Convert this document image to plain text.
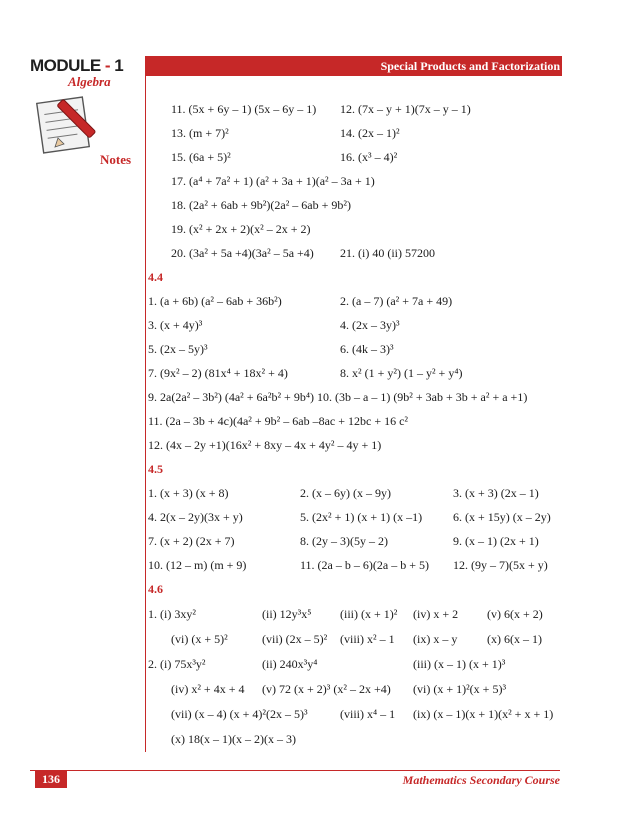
MODULE - 1
Algebra
Notes
Special Products and Factorization
11. (5x + 6y – 1) (5x – 6y – 1) 12. (7x – y + 1)(7x – y – 1)
13. (m + 7)²	14. (2x – 1)²
15. (6a + 5)²	16. (x³ – 4)²
17. (a⁴ + 7a² + 1) (a² + 3a + 1)(a² – 3a + 1)
18. (2a² + 6ab + 9b²)(2a² – 6ab + 9b²)
19. (x² + 2x + 2)(x² – 2x + 2)
20. (3a² + 5a +4)(3a² – 5a +4) 21. (i) 40 (ii) 57200
4.4
1. (a + 6b) (a² – 6ab + 36b²)	2. (a – 7) (a² + 7a + 49)
3. (x + 4y)³	4. (2x – 3y)³
5. (2x – 5y)³	6. (4k – 3)³
7. (9x² – 2) (81x⁴ + 18x² + 4)	8. x² (1 + y²) (1 – y² + y⁴)
9. 2a(2a² – 3b²) (4a² + 6a²b² + 9b⁴) 10. (3b – a – 1) (9b² + 3ab + 3b + a² + a +1)
11. (2a – 3b + 4c)(4a² + 9b² – 6ab –8ac + 12bc + 16 c²
12. (4x – 2y +1)(16x² + 8xy – 4x + 4y² – 4y + 1)
4.5
1. (x + 3) (x + 8)	2. (x – 6y) (x – 9y)	3. (x + 3) (2x – 1)
4. 2(x – 2y)(3x + y)	5. (2x² + 1) (x + 1) (x –1)	6. (x + 15y) (x – 2y)
7. (x + 2) (2x + 7)	8. (2y – 3)(5y – 2)	9. (x – 1) (2x + 1)
10. (12 – m) (m + 9)	11. (2a – b – 6)(2a – b + 5) 12. (9y – 7)(5x + y)
4.6
1. (i) 3xy²	(ii) 12y³x⁵ (iii) (x + 1)² (iv) x + 2 (v) 6(x + 2)
(vi) (x + 5)²	(vii) (2x – 5)² (viii) x² – 1 (ix) x – y (x) 6(x – 1)
2. (i) 75x³y²	(ii) 240x³y⁴	(iii) (x – 1) (x + 1)³
(iv) x² + 4x + 4 (v) 72 (x + 2)³ (x² – 2x +4) (vi) (x + 1)²(x + 5)³
(vii) (x – 4) (x + 4)²(2x – 5)³	(viii) x⁴ – 1 (ix) (x – 1)(x + 1)(x² + x + 1)
(x) 18(x – 1)(x – 2)(x – 3)
136	Mathematics Secondary Course
